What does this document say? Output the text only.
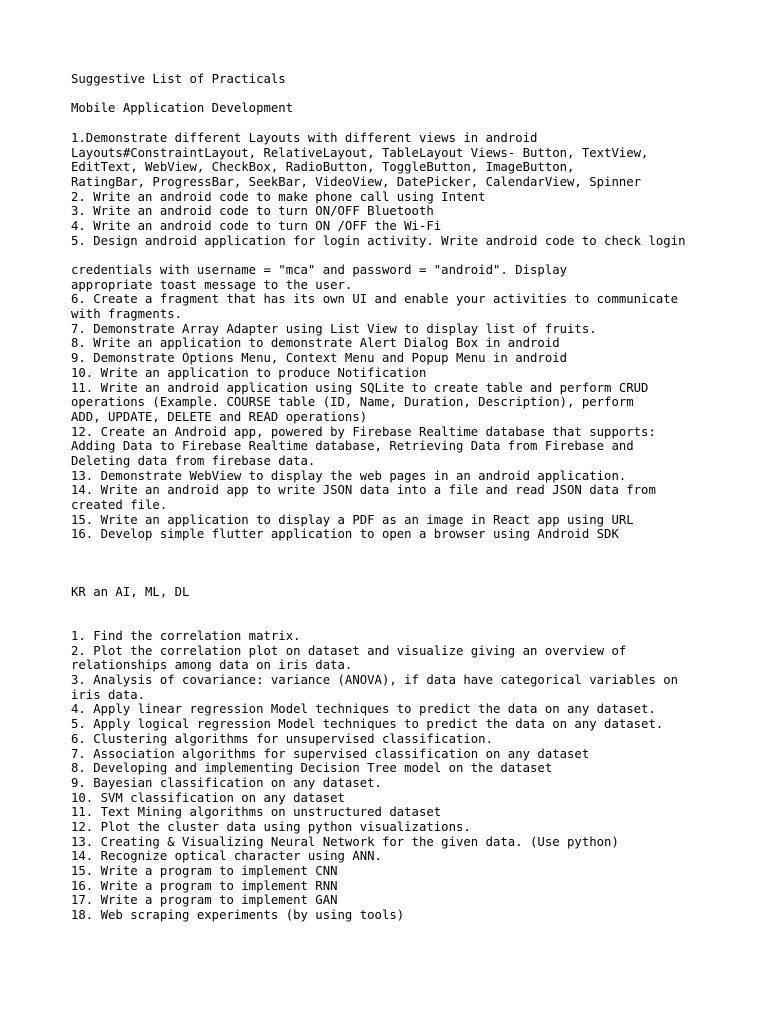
Suggestive List of Practicals
Mobile Application Development
1.Demonstrate different Layouts with different views in android
Layouts#ConstraintLayout, RelativeLayout, TableLayout Views- Button, TextView,
EditText, WebView, CheckBox, RadioButton, ToggleButton, ImageButton,
RatingBar, ProgressBar, SeekBar, VideoView, DatePicker, CalendarView, Spinner
2. Write an android code to make phone call using Intent
3. Write an android code to turn ON/OFF Bluetooth
4. Write an android code to turn ON /OFF the Wi-Fi
5. Design android application for login activity. Write android code to check login
credentials with username = "mca" and password = "android". Display
appropriate toast message to the user.
6. Create a fragment that has its own UI and enable your activities to communicate
with fragments.
7. Demonstrate Array Adapter using List View to display list of fruits.
8. Write an application to demonstrate Alert Dialog Box in android
9. Demonstrate Options Menu, Context Menu and Popup Menu in android
10. Write an application to produce Notification
11. Write an android application using SQLite to create table and perform CRUD
operations (Example. COURSE table (ID, Name, Duration, Description), perform
ADD, UPDATE, DELETE and READ operations)
12. Create an Android app, powered by Firebase Realtime database that supports:
Adding Data to Firebase Realtime database, Retrieving Data from Firebase and
Deleting data from firebase data.
13. Demonstrate WebView to display the web pages in an android application.
14. Write an android app to write JSON data into a file and read JSON data from
created file.
15. Write an application to display a PDF as an image in React app using URL
16. Develop simple flutter application to open a browser using Android SDK
KR an AI, ML, DL
1. Find the correlation matrix.
2. Plot the correlation plot on dataset and visualize giving an overview of
relationships among data on iris data.
3. Analysis of covariance: variance (ANOVA), if data have categorical variables on
iris data.
4. Apply linear regression Model techniques to predict the data on any dataset.
5. Apply logical regression Model techniques to predict the data on any dataset.
6. Clustering algorithms for unsupervised classification.
7. Association algorithms for supervised classification on any dataset
8. Developing and implementing Decision Tree model on the dataset
9. Bayesian classification on any dataset.
10. SVM classification on any dataset
11. Text Mining algorithms on unstructured dataset
12. Plot the cluster data using python visualizations.
13. Creating & Visualizing Neural Network for the given data. (Use python)
14. Recognize optical character using ANN.
15. Write a program to implement CNN
16. Write a program to implement RNN
17. Write a program to implement GAN
18. Web scraping experiments (by using tools)
